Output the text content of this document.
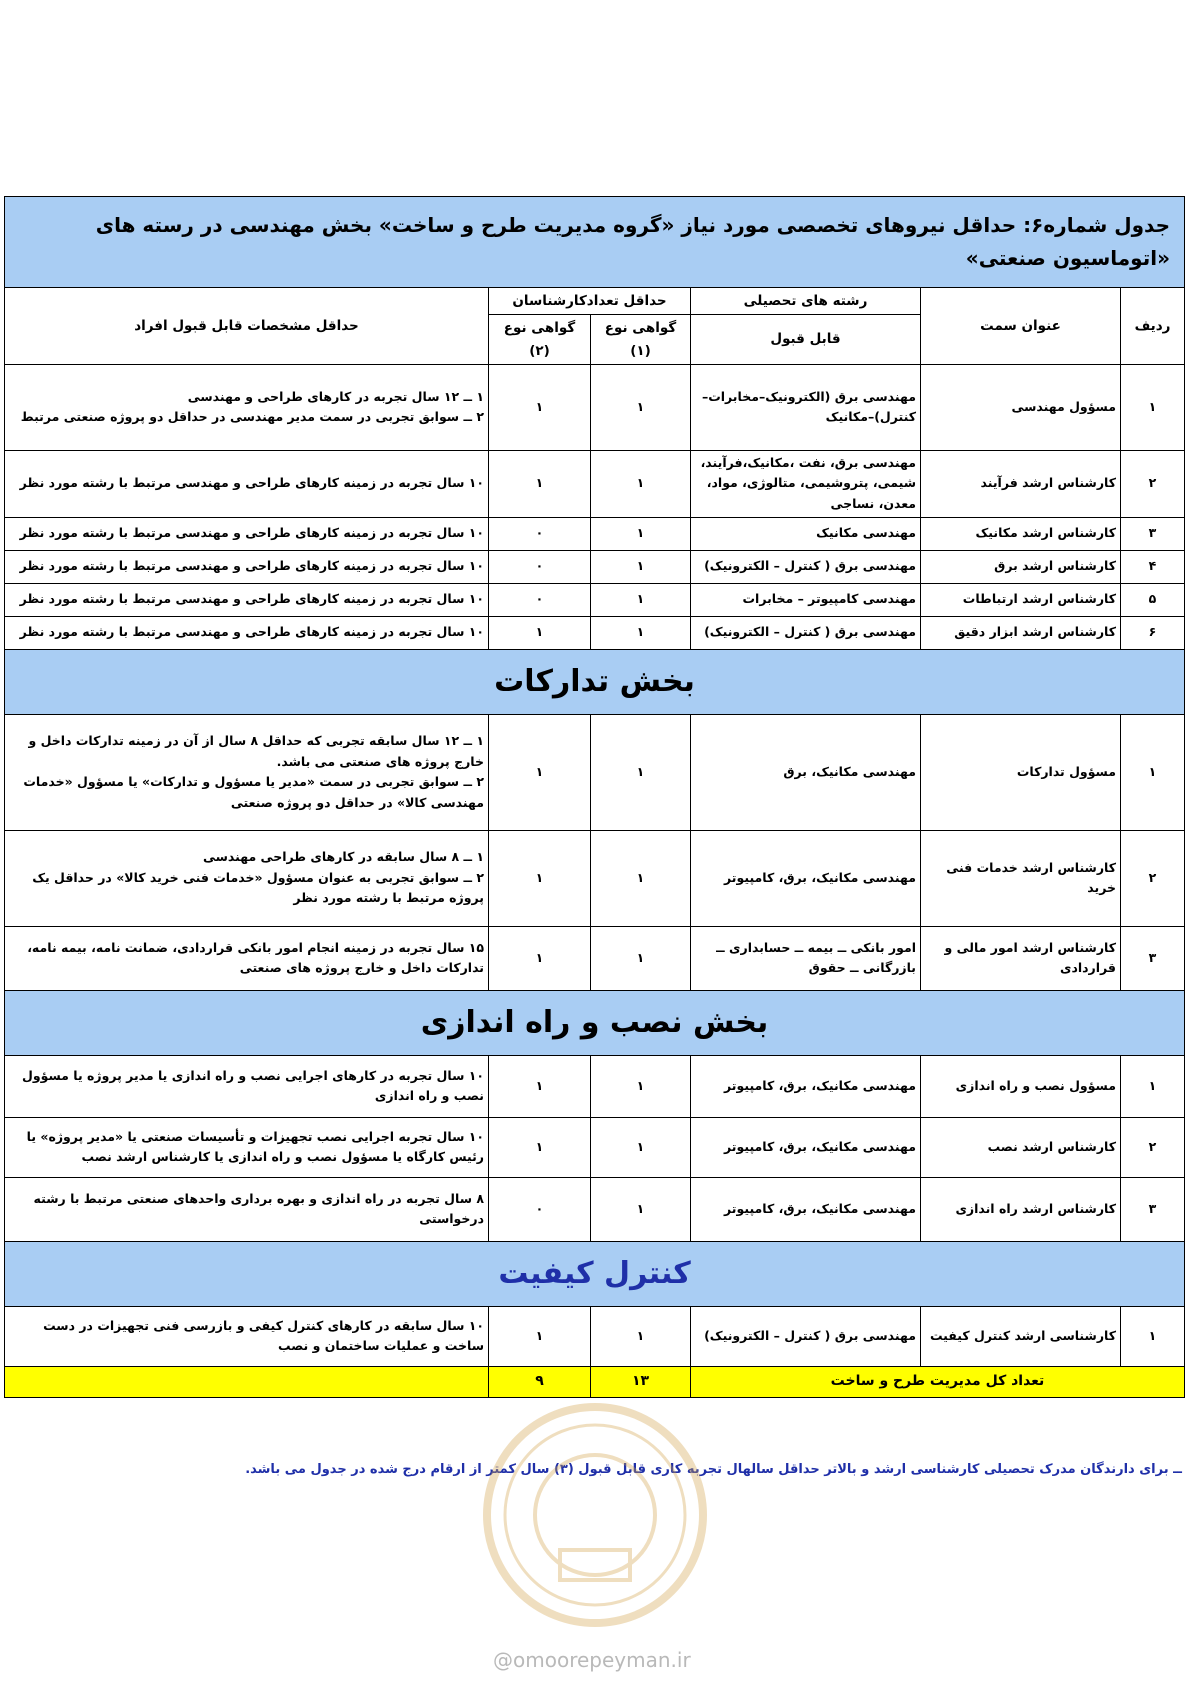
جدول شماره۶: حداقل نیروهای تخصصی مورد نیاز «گروه مدیریت طرح و ساخت» بخش مهندسی در رسته های «اتوماسیون صنعتی»					
ردیف	عنوان سمت	رشته های تحصیلی	حداقل تعدادکارشناسان		حداقل مشخصات قابل قبول افراد
		قابل قبول	گواهی نوع (۱)	گواهی نوع (۲)	
۱	مسؤول مهندسی	مهندسی برق (الکترونیک–مخابرات–کنترل)–مکانیک	۱	۱	۱ ــ ۱۲ سال تجربه در کارهای طراحی و مهندسی
۲ ــ سوابق تجربی در سمت مدیر مهندسی در حداقل دو پروژه صنعتی مرتبط
۲	کارشناس ارشد فرآیند	مهندسی برق، نفت ،مکانیک،فرآیند، شیمی، پتروشیمی، متالوژی، مواد، معدن، نساجی	۱	۱	۱۰ سال تجربه در زمینه کارهای طراحی و مهندسی مرتبط با رشته مورد نظر
۳	کارشناس ارشد مکانیک	مهندسی مکانیک	۱	۰	۱۰ سال تجربه در زمینه کارهای طراحی و مهندسی مرتبط با رشته مورد نظر
۴	کارشناس ارشد برق	مهندسی برق ( کنترل – الکترونیک)	۱	۰	۱۰ سال تجربه در زمینه کارهای طراحی و مهندسی مرتبط با رشته مورد نظر
۵	کارشناس ارشد ارتباطات	مهندسی کامپیوتر – مخابرات	۱	۰	۱۰ سال تجربه در زمینه کارهای طراحی و مهندسی مرتبط با رشته مورد نظر
۶	کارشناس ارشد ابزار دقیق	مهندسی برق ( کنترل – الکترونیک)	۱	۱	۱۰ سال تجربه در زمینه کارهای طراحی و مهندسی مرتبط با رشته مورد نظر
بخش تدارکات					
۱	مسؤول تدارکات	مهندسی مکانیک، برق	۱	۱	۱ ــ ۱۲ سال سابقه تجربی که حداقل ۸ سال از آن در زمینه تدارکات داخل و خارج پروژه های صنعتی می باشد.
۲ ــ سوابق تجربی در سمت «مدیر یا مسؤول و تدارکات» یا مسؤول «خدمات مهندسی کالا» در حداقل دو پروژه صنعتی
۲	کارشناس ارشد خدمات فنی خرید	مهندسی مکانیک، برق، کامپیوتر	۱	۱	۱ ــ ۸ سال سابقه در کارهای طراحی مهندسی
۲ ــ سوابق تجربی به عنوان مسؤول «خدمات فنی خرید کالا» در حداقل یک پروژه مرتبط با رشته مورد نظر
۳	کارشناس ارشد امور مالی و قراردادی	امور بانکی ــ بیمه ــ حسابداری ــ بازرگانی ــ حقوق	۱	۱	۱۵ سال تجربه در زمینه انجام امور بانکی قراردادی، ضمانت نامه، بیمه نامه، تدارکات داخل و خارج پروژه های صنعتی
بخش نصب و راه اندازی					
۱	مسؤول نصب و راه اندازی	مهندسی مکانیک، برق، کامپیوتر	۱	۱	۱۰ سال تجربه در کارهای اجرایی نصب و راه اندازی یا مدیر پروژه یا مسؤول نصب و راه اندازی
۲	کارشناس ارشد نصب	مهندسی مکانیک، برق، کامپیوتر	۱	۱	۱۰ سال تجربه اجرایی نصب تجهیزات و تأسیسات صنعتی یا «مدیر پروژه» یا رئیس کارگاه یا مسؤول نصب و راه اندازی یا کارشناس ارشد نصب
۳	کارشناس ارشد راه اندازی	مهندسی مکانیک، برق، کامپیوتر	۱	۰	۸ سال تجربه در راه اندازی و بهره برداری واحدهای صنعتی مرتبط با رشته درخواستی
کنترل کیفیت					
۱	کارشناسی ارشد کنترل کیفیت	مهندسی برق ( کنترل – الکترونیک)	۱	۱	۱۰ سال سابقه در کارهای کنترل کیفی و بازرسی فنی تجهیزات در دست ساخت و عملیات ساختمان و نصب
تعداد کل مدیریت طرح و ساخت			۱۳	۹	
ــ برای دارندگان مدرک تحصیلی کارشناسی ارشد و بالاتر حداقل سالهال تجربه کاری قابل قبول (۳) سال کمتر از ارقام درج شده در جدول می باشد.
@omoorepeyman.ir
